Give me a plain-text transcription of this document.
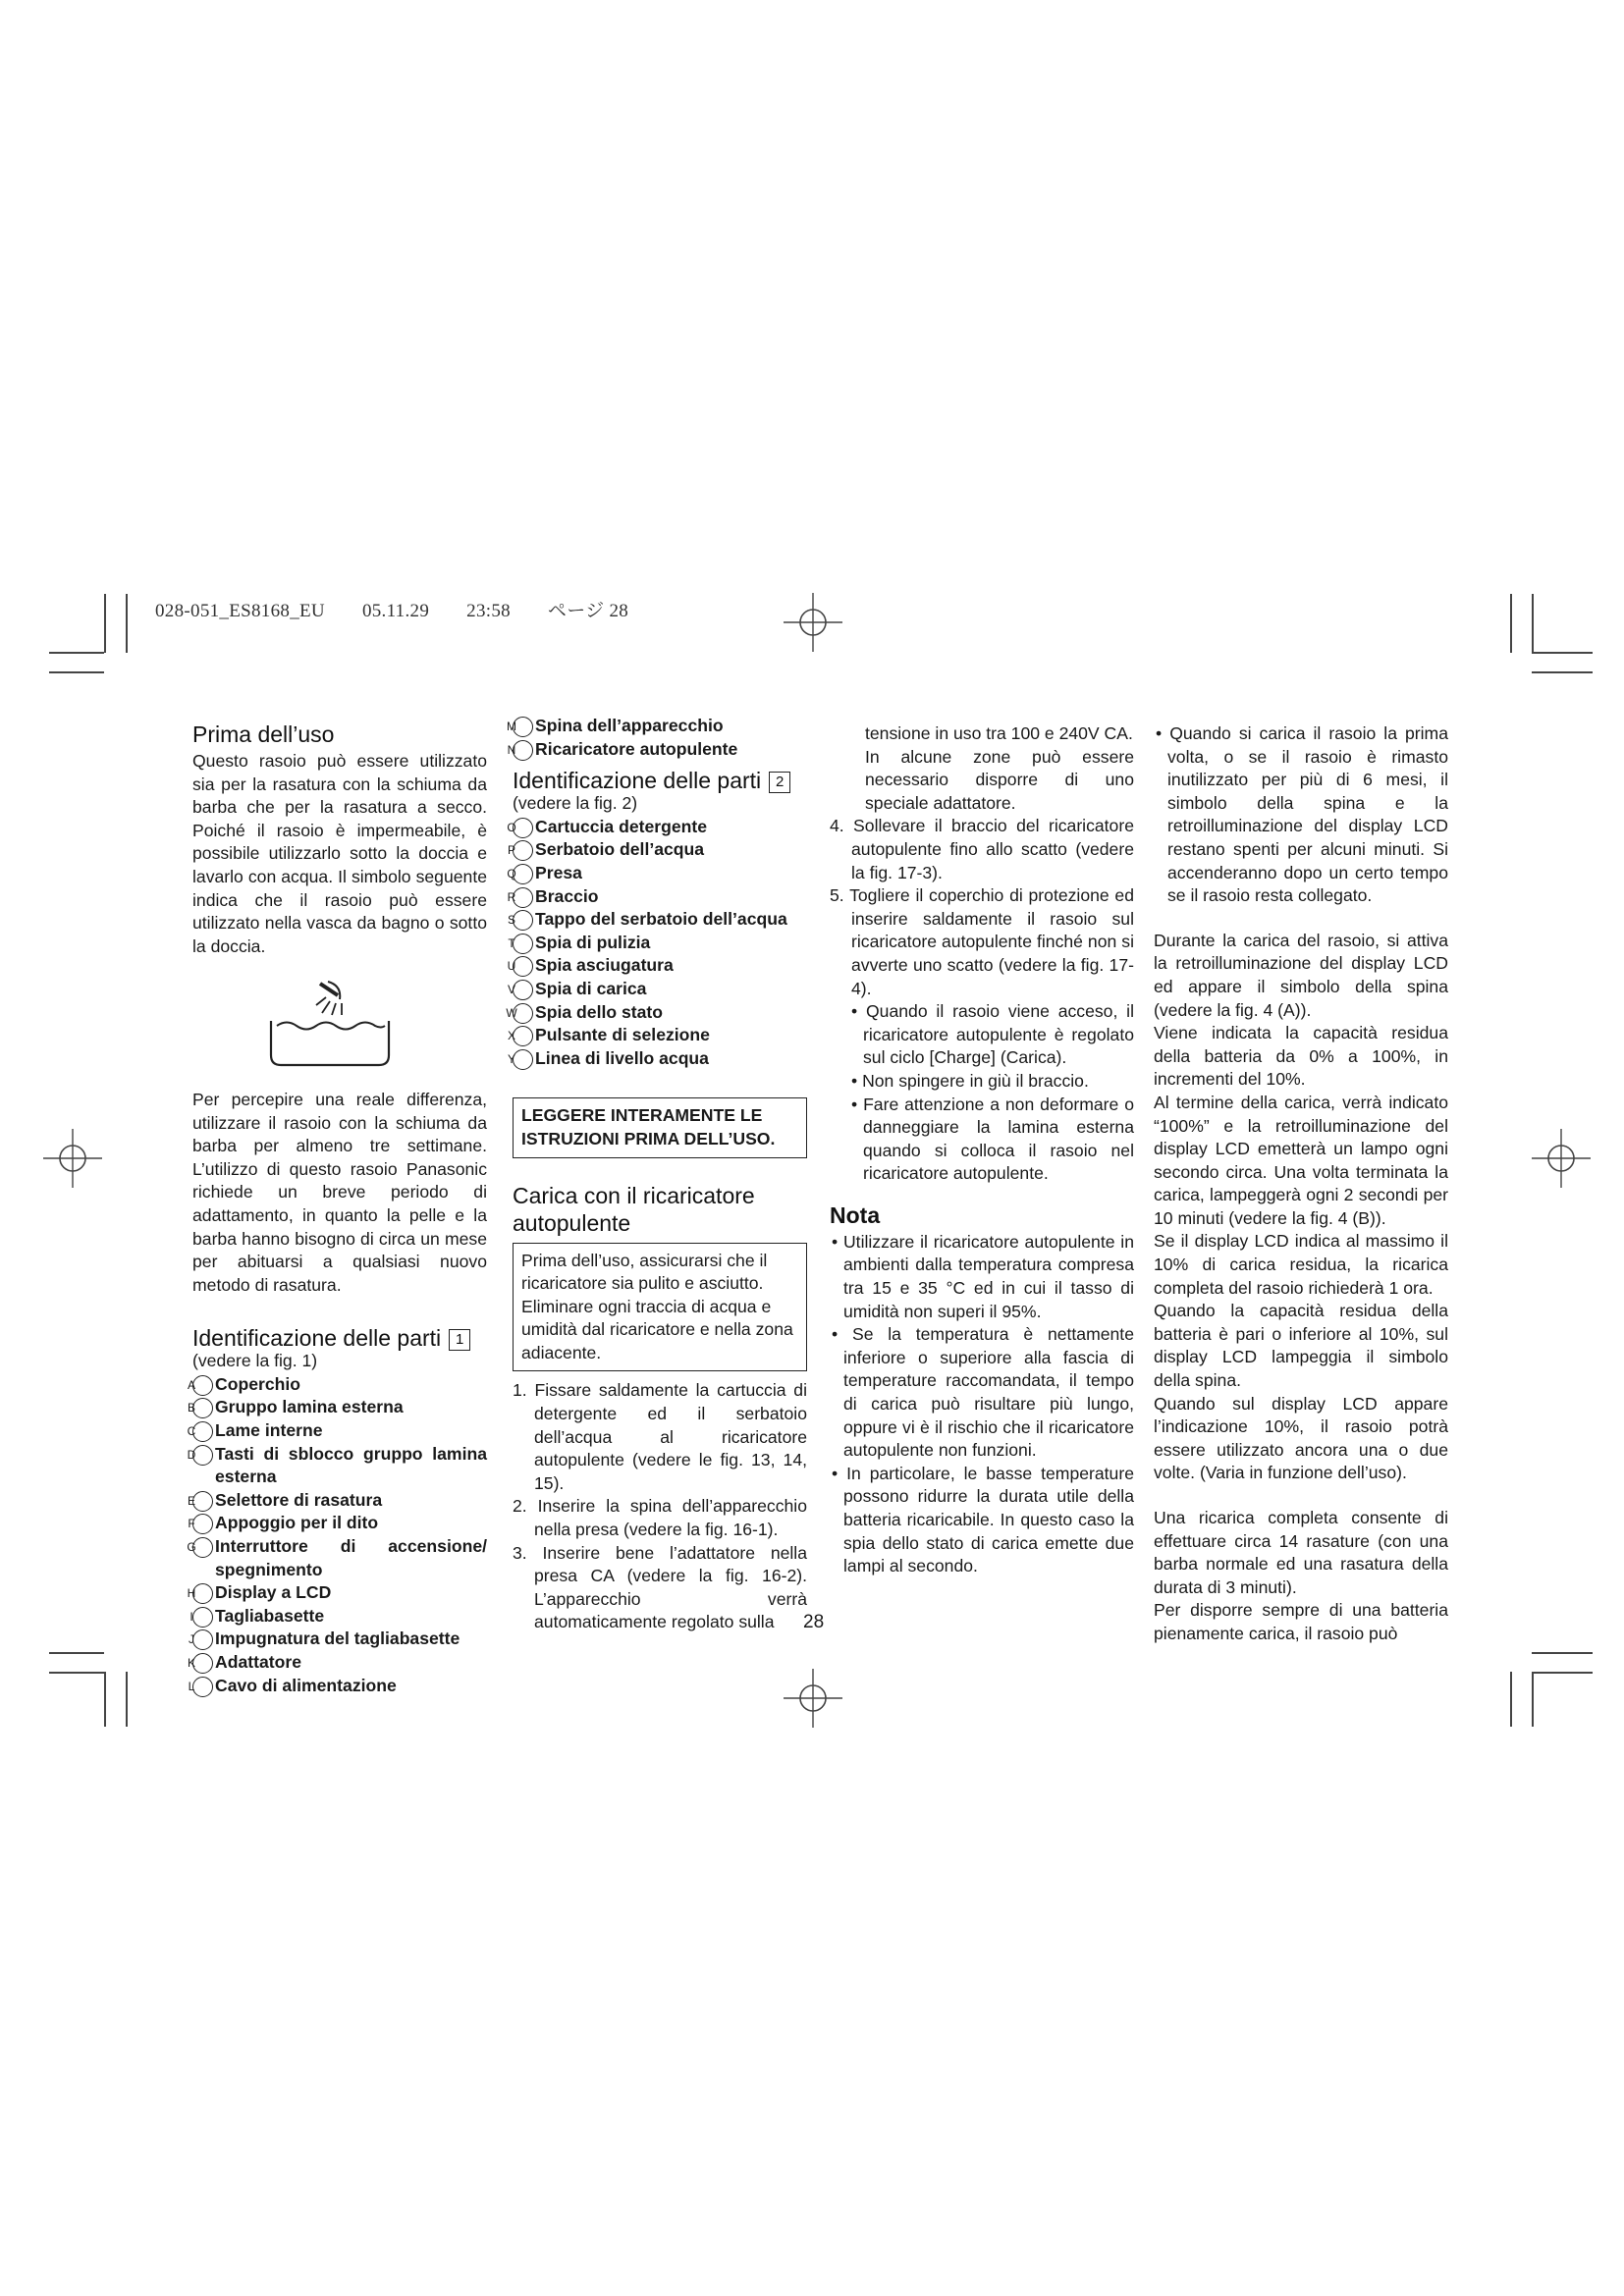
028-051_ES8168_EU 05.11.29 23:58 ページ 28
Prima dell’uso

Questo rasoio può essere utilizzato sia per la rasatura con la schiuma da barba che per la rasatura a secco. Poiché il rasoio è impermeabile, è possibile utilizzarlo sotto la doccia e lavarlo con acqua. Il simbolo seguente indica che il rasoio può essere utilizzato nella vasca da bagno o sotto la doccia.

Per percepire una reale differenza, utilizzare il rasoio con la schiuma da barba per almeno tre settimane. L’utilizzo di questo rasoio Panasonic richiede un breve periodo di adattamento, in quanto la pelle e la barba hanno bisogno di circa un mese per abituarsi a qualsiasi nuovo metodo di rasatura.

Identificazione delle parti 1

(vedere la fig. 1)

A Coperchio

B Gruppo lamina esterna

C Lame interne

D Tasti di sblocco gruppo lamina esterna

E Selettore di rasatura

F Appoggio per il dito

G Interruttore di accensione/ spegnimento

H Display a LCD

I Tagliabasette

J Impugnatura del tagliabasette

K Adattatore

L Cavo di alimentazione

M Spina dell’apparecchio

N Ricaricatore autopulente

Identificazione delle parti 2

(vedere la fig. 2)

O Cartuccia detergente

P Serbatoio dell’acqua

Q Presa

R Braccio

S Tappo del serbatoio dell’acqua

T Spia di pulizia

U Spia asciugatura

V Spia di carica

W Spia dello stato

X Pulsante di selezione

Y Linea di livello acqua

LEGGERE INTERAMENTE LE ISTRUZIONI PRIMA DELL’USO.
Carica con il ricaricatore autopulente
Prima dell’uso, assicurarsi che il ricaricatore sia pulito e asciutto. Eliminare ogni traccia di acqua e umidità dal ricaricatore e nella zona adiacente.
1. Fissare saldamente la cartuccia di detergente ed il serbatoio dell’acqua al ricaricatore autopulente (vedere le fig. 13, 14, 15).
2. Inserire la spina dell’apparecchio nella presa (vedere la fig. 16-1).
3. Inserire bene l’adattatore nella presa CA (vedere la fig. 16-2). L’apparecchio verrà automaticamente regolato sulla

tensione in uso tra 100 e 240V CA.

In alcune zone può essere necessario disporre di uno speciale adattatore.

4. Sollevare il braccio del ricaricatore autopulente fino allo scatto (vedere la fig. 17-3).
5. Togliere il coperchio di protezione ed inserire saldamente il rasoio sul ricaricatore autopulente finché non si avverte uno scatto (vedere la fig. 17-4).
• Quando il rasoio viene acceso, il ricaricatore autopulente è regolato sul ciclo [Charge] (Carica).
• Non spingere in giù il braccio.
• Fare attenzione a non deformare o danneggiare la lamina esterna quando si colloca il rasoio nel ricaricatore autopulente.
Nota
• Utilizzare il ricaricatore autopulente in ambienti dalla temperatura compresa tra 15 e 35 °C ed in cui il tasso di umidità non superi il 95%.
• Se la temperatura è nettamente inferiore o superiore alla fascia di temperature raccomandata, il tempo di carica può risultare più lungo, oppure vi è il rischio che il ricaricatore autopulente non funzioni.
• In particolare, le basse temperature possono ridurre la durata utile della batteria ricaricabile. In questo caso la spia dello stato di carica emette due lampi al secondo.
• Quando si carica il rasoio la prima volta, o se il rasoio è rimasto inutilizzato per più di 6 mesi, il simbolo della spina e la retroilluminazione del display LCD restano spenti per alcuni minuti. Si accenderanno dopo un certo tempo se il rasoio resta collegato.

Durante la carica del rasoio, si attiva la retroilluminazione del display LCD ed appare il simbolo della spina (vedere la fig. 4 (A)).

Viene indicata la capacità residua della batteria da 0% a 100%, in incrementi del 10%.

Al termine della carica, verrà indicato “100%” e la retroilluminazione del display LCD emetterà un lampo ogni secondo circa. Una volta terminata la carica, lampeggerà ogni 2 secondi per 10 minuti (vedere la fig. 4 (B)).

Se il display LCD indica al massimo il 10% di carica residua, la ricarica completa del rasoio richiederà 1 ora.

Quando la capacità residua della batteria è pari o inferiore al 10%, sul display LCD lampeggia il simbolo della spina.

Quando sul display LCD appare l’indicazione 10%, il rasoio potrà essere utilizzato ancora una o due volte. (Varia in funzione dell’uso).

Una ricarica completa consente di effettuare circa 14 rasature (con una barba normale ed una rasatura della durata di 3 minuti).

Per disporre sempre di una batteria pienamente carica, il rasoio può

28
